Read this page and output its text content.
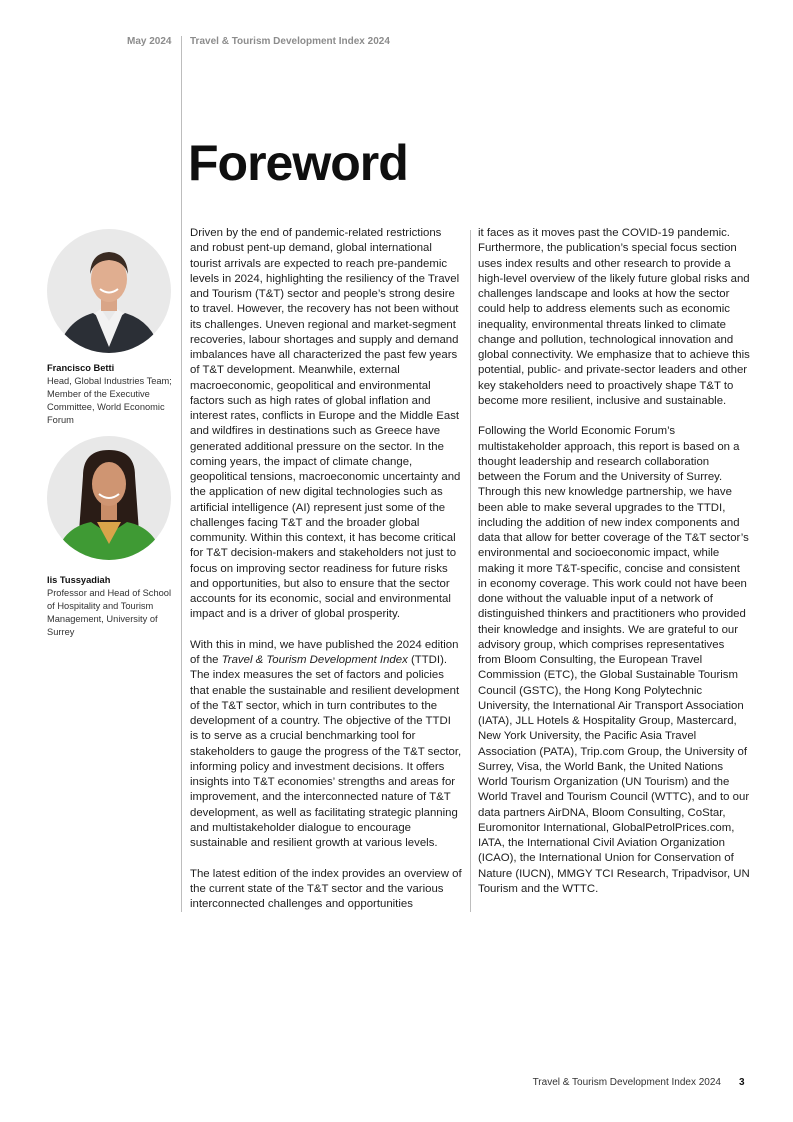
May 2024 Travel & Tourism Development Index 2024
Foreword
Francisco Betti
Head, Global Industries Team; Member of the Executive Committee, World Economic Forum
Iis Tussyadiah
Professor and Head of School of Hospitality and Tourism Management, University of Surrey

Driven by the end of pandemic-related restrictions and robust pent-up demand, global international tourist arrivals are expected to reach pre-pandemic levels in 2024, highlighting the resiliency of the Travel and Tourism (T&T) sector and people’s strong desire to travel. However, the recovery has not been without its challenges. Uneven regional and market-segment recoveries, labour shortages and supply and demand imbalances have all characterized the past few years of T&T development. Meanwhile, external macroeconomic, geopolitical and environmental factors such as high rates of global inflation and interest rates, conflicts in Europe and the Middle East and wildfires in destinations such as Greece have generated additional pressure on the sector. In the coming years, the impact of climate change, geopolitical tensions, macroeconomic uncertainty and the application of new digital technologies such as artificial intelligence (AI) represent just some of the challenges facing T&T and the broader global community. Within this context, it has become critical for T&T decision-makers and stakeholders not just to focus on improving sector readiness for future risks and opportunities, but also to ensure that the sector accounts for its economic, social and environmental impact and is a driver of global prosperity.

With this in mind, we have published the 2024 edition of the Travel & Tourism Development Index (TTDI). The index measures the set of factors and policies that enable the sustainable and resilient development of the T&T sector, which in turn contributes to the development of a country. The objective of the TTDI is to serve as a crucial benchmarking tool for stakeholders to gauge the progress of the T&T sector, informing policy and investment decisions. It offers insights into T&T economies’ strengths and areas for improvement, and the interconnected nature of T&T development, as well as facilitating strategic planning and multistakeholder dialogue to encourage sustainable and resilient growth at various levels.

The latest edition of the index provides an overview of the current state of the T&T sector and the various interconnected challenges and opportunities

it faces as it moves past the COVID-19 pandemic. Furthermore, the publication’s special focus section uses index results and other research to provide a high-level overview of the likely future global risks and challenges landscape and looks at how the sector could help to address elements such as economic inequality, environmental threats linked to climate change and pollution, technological innovation and global connectivity. We emphasize that to achieve this potential, public- and private-sector leaders and other key stakeholders need to proactively shape T&T to become more resilient, inclusive and sustainable.

Following the World Economic Forum’s multistakeholder approach, this report is based on a thought leadership and research collaboration between the Forum and the University of Surrey. Through this new knowledge partnership, we have been able to make several upgrades to the TTDI, including the addition of new index components and data that allow for better coverage of the T&T sector’s environmental and socioeconomic impact, while making it more T&T-specific, concise and consistent in economy coverage. This work could not have been done without the valuable input of a network of distinguished thinkers and practitioners who provided their knowledge and insights. We are grateful to our advisory group, which comprises representatives from Bloom Consulting, the European Travel Commission (ETC), the Global Sustainable Tourism Council (GSTC), the Hong Kong Polytechnic University, the International Air Transport Association (IATA), JLL Hotels & Hospitality Group, Mastercard, New York University, the Pacific Asia Travel Association (PATA), Trip.com Group, the University of Surrey, Visa, the World Bank, the United Nations World Tourism Organization (UN Tourism) and the World Travel and Tourism Council (WTTC), and to our data partners AirDNA, Bloom Consulting, CoStar, Euromonitor International, GlobalPetrolPrices.com, IATA, the International Civil Aviation Organization (ICAO), the International Union for Conservation of Nature (IUCN), MMGY TCI Research, Tripadvisor, UN Tourism and the WTTC.

Travel & Tourism Development Index 2024 3
